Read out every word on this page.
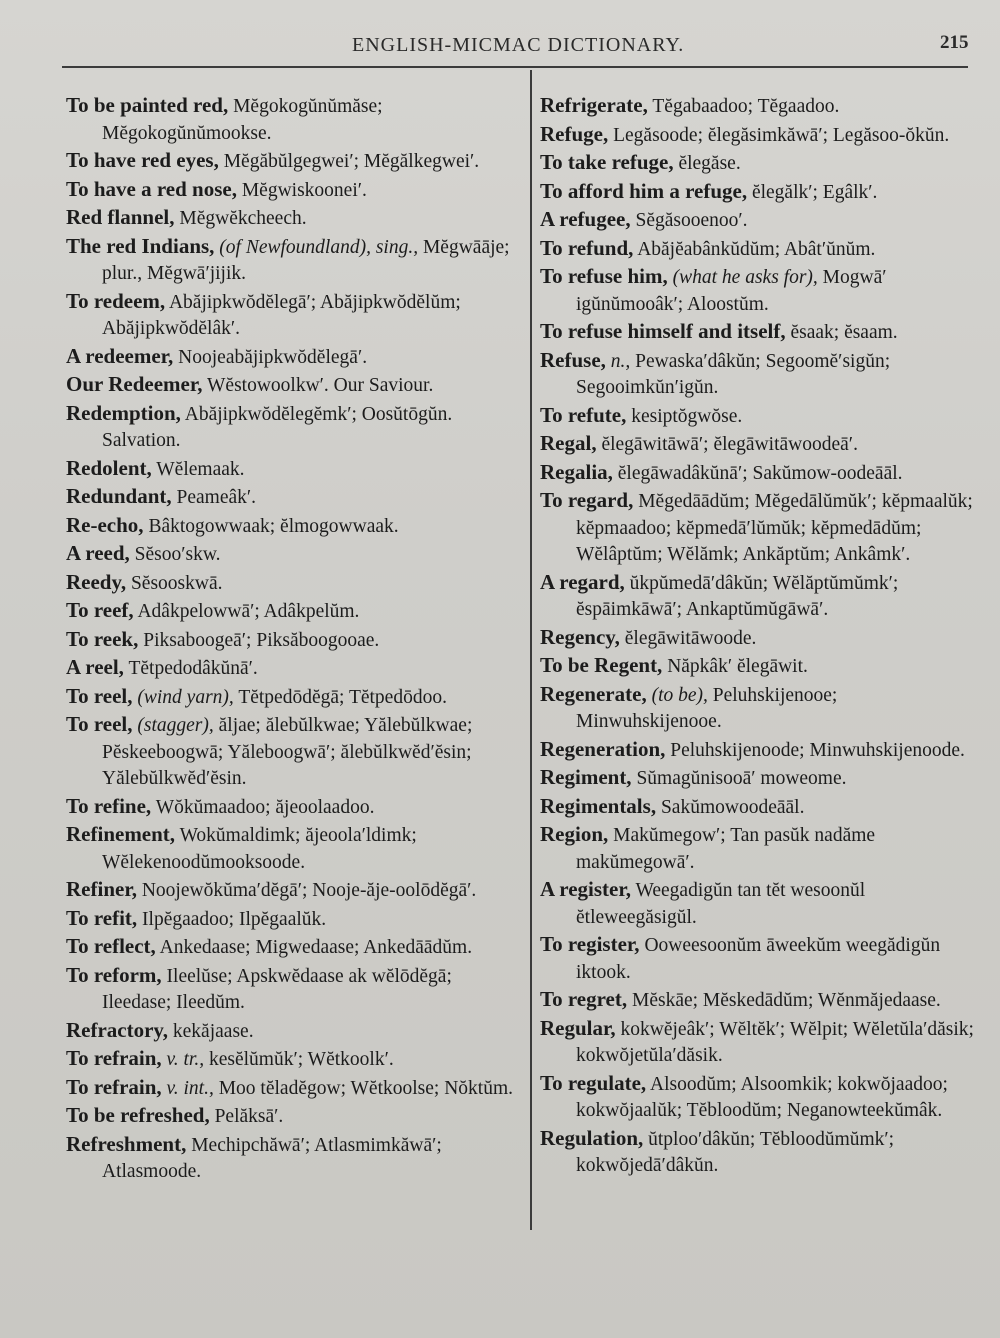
ENGLISH-MICMAC DICTIONARY.	215

To be painted red, Mĕgokogŭnŭmăse; Mĕgokogŭnŭmookse.

To have red eyes, Mĕgăbŭlgegwei′; Mĕgălkegwei′.

To have a red nose, Mĕgwiskoonei′.

Red flannel, Mĕgwĕkcheech.

The red Indians, (of Newfoundland), sing., Mĕgwāāje; plur., Mĕgwā′jijik.

To redeem, Abăjipkwŏdĕlegā′; Abăjipkwŏdĕlŭm; Abăjipkwŏdĕlâk′.

A redeemer, Noojeabăjipkwŏdĕlegā′.

Our Redeemer, Wĕstowoolkw′. Our Saviour.

Redemption, Abăjipkwŏdĕlegĕmk′; Oosŭtōgŭn. Salvation.

Redolent, Wĕlemaak.

Redundant, Peameâk′.

Re-echo, Bâktogowwaak; ĕlmogowwaak.

A reed, Sĕsoo′skw.

Reedy, Sĕsooskwā.

To reef, Adâkpelowwā′; Adâkpelŭm.

To reek, Piksaboogeā′; Piksăboogooae.

A reel, Tĕtpedodâkŭnā′.

To reel, (wind yarn), Tĕtpedōdĕgā; Tĕtpedōdoo.

To reel, (stagger), ăljae; ălebŭlkwae; Yălebŭlkwae; Pĕskeeboogwā; Yăleboogwā′; ălebŭlkwĕd′ĕsin; Yălebŭlkwĕd′ĕsin.

To refine, Wŏkŭmaadoo; ăjeoolaadoo.

Refinement, Wokŭmaldimk; ăjeoola′ldimk; Wĕlekenoodŭmooksoode.

Refiner, Noojewŏkŭma′dĕgā′; Nooje-ăje-oolōdĕgā′.

To refit, Ilpĕgaadoo; Ilpĕgaalŭk.

To reflect, Ankedaase; Migwedaase; Ankedāādŭm.

To reform, Ileelŭse; Apskwĕdaase ak wĕlōdĕgā; Ileedase; Ileedŭm.

Refractory, kekăjaase.

To refrain, v. tr., kesĕlŭmŭk′; Wĕtkoolk′.

To refrain, v. int., Moo tĕladĕgow; Wĕtkoolse; Nŏktŭm.

To be refreshed, Pelăksā′.

Refreshment, Mechipchăwā′; Atlasmimkăwā′; Atlasmoode.

Refrigerate, Tĕgabaadoo; Tĕgaadoo.

Refuge, Legăsoode; ĕlegăsimkăwā′; Legăsoo-ŏkŭn.

To take refuge, ĕlegăse.

To afford him a refuge, ĕlegălk′; Egâlk′.

A refugee, Sĕgăsooenoo′.

To refund, Abăjĕabânkŭdŭm; Abât′ŭnŭm.

To refuse him, (what he asks for), Mogwā′ igŭnŭmooâk′; Aloostŭm.

To refuse himself and itself, ĕsaak; ĕsaam.

Refuse, n., Pewaska′dâkŭn; Segoomĕ′sigŭn; Segooimkŭn′igŭn.

To refute, kesiptŏgwŏse.

Regal, ĕlegāwitāwā′; ĕlegāwitāwoodeā′.

Regalia, ĕlegāwadâkŭnā′; Sakŭmow-oodeāāl.

To regard, Mĕgedāādŭm; Mĕgedālŭmŭk′; kĕpmaalŭk; kĕpmaadoo; kĕpmedā′lŭmŭk; kĕpmedādŭm; Wĕlâptŭm; Wĕlămk; Ankăptŭm; Ankâmk′.

A regard, ŭkpŭmedā′dâkŭn; Wĕlăptŭmŭmk′; ĕspāimkāwā′; Ankaptŭmŭgāwā′.

Regency, ĕlegāwitāwoode.

To be Regent, Năpkâk′ ĕlegāwit.

Regenerate, (to be), Peluhskijenooe; Minwuhskijenooe.

Regeneration, Peluhskijenoode; Minwuhskijenoode.

Regiment, Sŭmagŭnisooā′ moweome.

Regimentals, Sakŭmowoodeāāl.

Region, Makŭmegow′; Tan pasŭk nadăme makŭmegowā′.

A register, Weegadigŭn tan tĕt wesoonŭl ĕtleweegăsigŭl.

To register, Ooweesoonŭm āweekŭm weegădigŭn iktook.

To regret, Mĕskāe; Mĕskedādŭm; Wĕnmăjedaase.

Regular, kokwĕjeâk′; Wĕltĕk′; Wĕlpit; Wĕletŭla′dăsik; kokwŏjetŭla′dăsik.

To regulate, Alsoodŭm; Alsoomkik; kokwŏjaadoo; kokwŏjaalŭk; Tĕbloodŭm; Neganowteekŭmâk.

Regulation, ŭtploo′dâkŭn; Tĕbloodŭmŭmk′; kokwŏjedā′dâkŭn.
